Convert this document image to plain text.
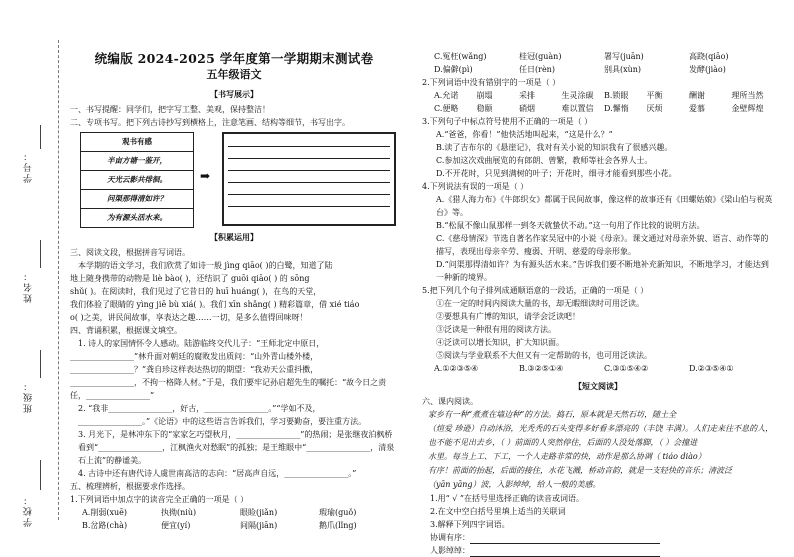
学号：
姓名：
班级：
学校：
统编版 2024-2025 学年度第一学期期末测试卷
五年级语文
【书写展示】
一、书写提醒：同学们，把字写工整、美观，保持整洁！
二、专项书写。把下列古诗抄写到横格上，注意笔画、结构等细节，书写出字。
观书有感
半亩方塘一鉴开，
天光云影共徘徊。
问渠那得清如许？
为有源头活水来。
➡
【积累运用】
三、阅读文段，根据拼音写词语。
本学期的语文学习，我们欣赏了如诗一般 jìng qiāo( )的白鹭，知道了陆
地上随身携带的动物是 liè bào( )，还结识了 guōi qiāo( ) 的 sōng
shǔ( )。在阅读时，我们见过了它昔日的 huī huáng( )，在鸟的天堂，
我们体验了眼睛的 yìng jiē bù xiá( )。我们 xīn shǎng( ) 精彩篇章，借 xié tiáo
o( )之美，讲民间故事，享表达之趣……一切，是多么值得回味呀！
四、背诵积累，根据课文填空。
1. 诗人的家国情怀令人感动。陆游临终交代儿子：“王师北定中原日，
________________”林升面对朝廷的腐败发出质问：“山外青山楼外楼，
________________？”龚自珍这样表达热切的期望：“我劝天公重抖擞，
________________，不拘一格降人材。”于是，我们要牢记孙启超先生的嘱托：“故今日之责任，________________”
2. “我非________________，好古，________________。”“学如不及，________________。”《论语》中的这些语言告诉我们，学习要勤奋，要注重方法。
3. 月光下，是林冲东下的“家家乞巧望秋月，________________”的热闹；是张继夜泊枫桥看到“________________，江枫渔火对愁眠”的孤独；是王维眼中“________________，清泉石上流”的静谧美。
4. 古诗中还有唐代诗人虞世南高洁的志向：“居高声自远，________________。”
五、梳理辨析，根据要求作选择。
1.下列词语中加点字的读音完全正确的一项是（ ）
A.削弱(xuē)	执拗(niù)	眼睑(jiǎn)	瑕瑜(guǒ)
B.岔路(chà)	便宜(yí)	间隔(jiān)	鹅爪(lǐng)
C.冤枉(wǎng)	桂冠(guàn)	署写(juān)	高跷(qiāo)
D.偏僻(pì)	任日(rèn)	别具(xùn)	发酵(jiào)
2.下列词语中没有错别字的一项是（ ）
A.允诺	崩塌	采排	生灵涂碳	B.锁眼	平衡	酬谢	理所当然
C.便略	稳颐	硝烟	难以置信	D.懈惰	厌烦	爱慕	金壁辉煌
3.下列句子中标点符号使用不正确的一项是（ ）
A.“爸爸，你看！”他快活地叫起来，“这是什么？”
B.读了吉布尔的《悬崖记》，我对有关小说的知识我有了很感兴趣。
C.参加这次戏曲展览的有郎朗、曾繁，教师等社会各界人士。
D.不开花时，只见到满树的叶子；开花时，细寻才能看到那些小花。
4.下列说法有误的一项是（ ）
A.《猎人海力布》《牛郎织女》都属于民间故事，像这样的故事还有《田螺姑娘》《梁山伯与祝英台》等。
B.“松鼠不像山鼠那样一到冬天就蛰伏不动。”这一句用了作比较的说明方法。
C.《慈母情深》节选自著名作家吴冠中的小说《母亲》。课文通过对母亲外貌、语言、动作等的描写，表现出母亲辛劳、瘦弱、开明、慈爱的母亲形象。
D.“问渠那得清如许？为有源头活水来。”告诉我们要不断地补充新知识，不断地学习，才能达到一种新的境界。
5.把下列几个句子排列成通顺语意的一段话，正确的一项是（ ）
①在一定的时间内阅读大量的书，却无暇细读时可用泛读。
②要想具有广博的知识，请学会泛读吧！
③泛读是一种很有用的阅读方法。
④泛读可以增长知识，扩大知识面。
⑤阅读与学业联系不大但又有一定帮助的书，也可用泛读法。
A.①②③⑤④	B.③②⑤①④	C.③①⑤④②	D.②③⑤④①
【短文阅读】
六、课内阅读。
家乡有一种“煮煮在墙边种”的方法。捣石，原本就是天然石坊，随土全
（煊爱 珍逊）自动沐浴，光秃秃的石头变得多好看多漂亮的（丰饶 丰满）。人们走来往不息的人，
也不能不见出去乡，（ ）前面的人突然停住，后面的人没处落脚，（ ）会撞进
水里。每当上工、下工，一个人走路非常的快，动作是那么协调（ tiáo diào）
有序！前面的抬起，后面的接住，水花飞溅，桥动音韵，就是一支轻快的音乐；清波泛
（yān yāng）波，入影绰绰，给人一般的美感。
1.用“ √ ”在括号里选择正确的读音或词语。
2.在文中空白括号里填上适当的关联词
3.解释下列四字词语。
协调有序：
人影绰绰：
